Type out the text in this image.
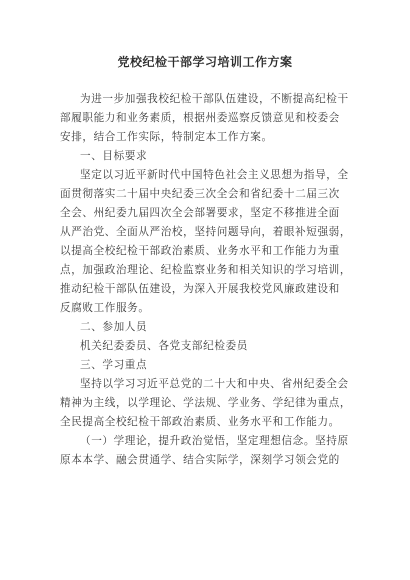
党校纪检干部学习培训工作方案
为进一步加强我校纪检干部队伍建设，不断提高纪检干
部履职能力和业务素质，根据州委巡察反馈意见和校委会
安排，结合工作实际，特制定本工作方案。
一、目标要求
坚定以习近平新时代中国特色社会主义思想为指导，全
面贯彻落实二十届中央纪委三次全会和省纪委十二届三次
全会、州纪委九届四次全会部署要求，坚定不移推进全面
从严治党、全面从严治校，坚持问题导向，着眼补短强弱，
以提高全校纪检干部政治素质、业务水平和工作能力为重
点，加强政治理论、纪检监察业务和相关知识的学习培训，
推动纪检干部队伍建设，为深入开展我校党风廉政建设和
反腐败工作服务。
二、参加人员
机关纪委委员、各党支部纪检委员
三、学习重点
坚持以学习习近平总党的二十大和中央、省州纪委全会
精神为主线，以学理论、学法规、学业务、学纪律为重点，
全民提高全校纪检干部政治素质、业务水平和工作能力。
（一）学理论，提升政治觉悟，坚定理想信念。坚持原
原本本学、融会贯通学、结合实际学，深刻学习领会党的
